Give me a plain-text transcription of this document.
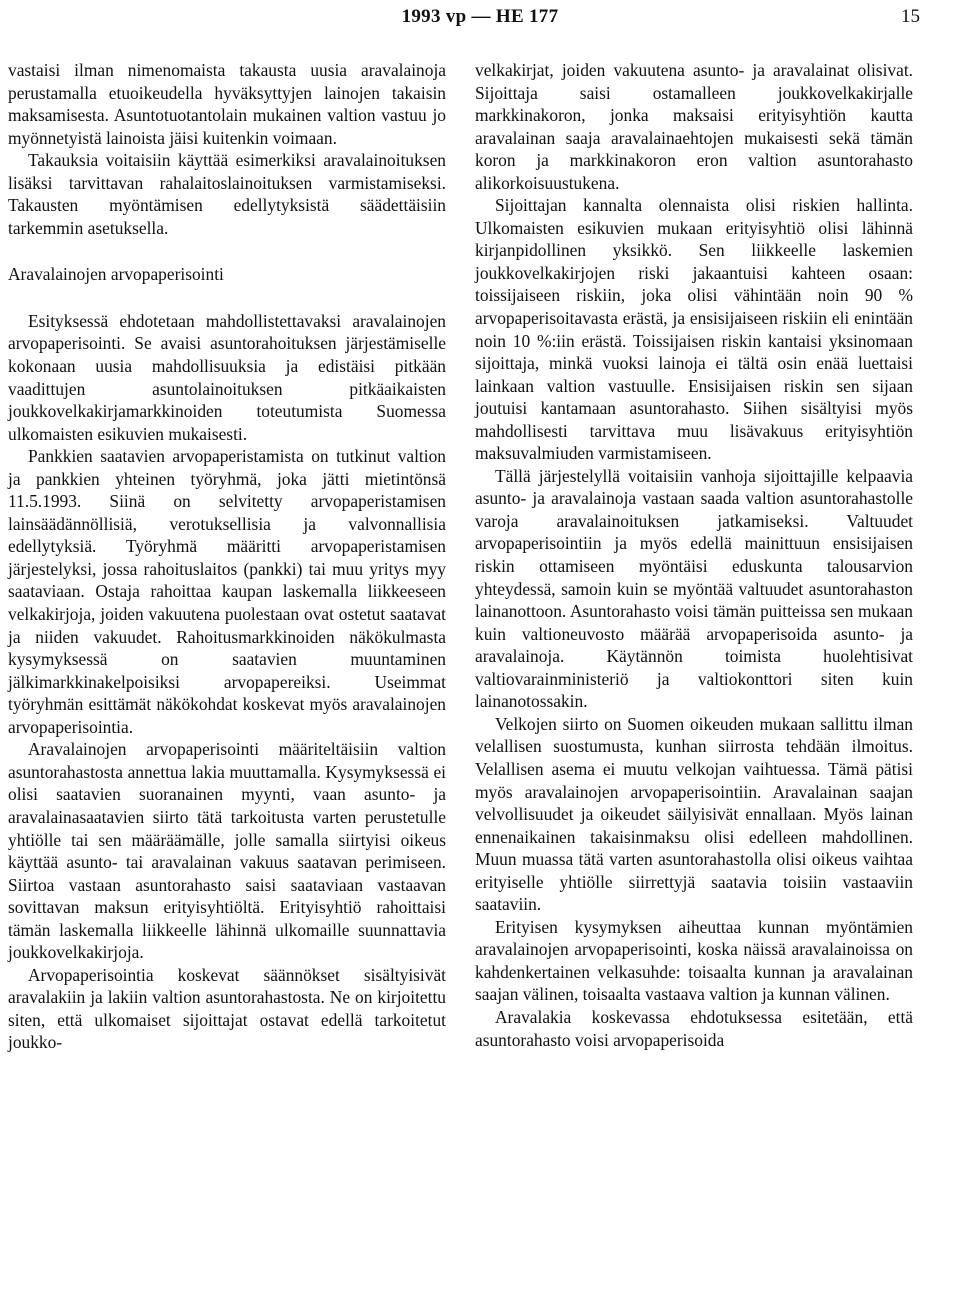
1993 vp — HE 177	15

vastaisi ilman nimenomaista takausta uusia aravalainoja perustamalla etuoikeudella hyväksyttyjen lainojen takaisin maksamisesta. Asuntotuotantolain mukainen valtion vastuu jo myönnetyistä lainoista jäisi kuitenkin voimaan.

Takauksia voitaisiin käyttää esimerkiksi aravalainoituksen lisäksi tarvittavan rahalaitoslainoituksen varmistamiseksi. Takausten myöntämisen edellytyksistä säädettäisiin tarkemmin asetuksella.

Aravalainojen arvopaperisointi

Esityksessä ehdotetaan mahdollistettavaksi aravalainojen arvopaperisointi. Se avaisi asuntorahoituksen järjestämiselle kokonaan uusia mahdollisuuksia ja edistäisi pitkään vaadittujen asuntolainoituksen pitkäaikaisten joukkovelkakirjamarkkinoiden toteutumista Suomessa ulkomaisten esikuvien mukaisesti.

Pankkien saatavien arvopaperistamista on tutkinut valtion ja pankkien yhteinen työryhmä, joka jätti mietintönsä 11.5.1993. Siinä on selvitetty arvopaperistamisen lainsäädännöllisiä, verotuksellisia ja valvonnallisia edellytyksiä. Työryhmä määritti arvopaperistamisen järjestelyksi, jossa rahoituslaitos (pankki) tai muu yritys myy saataviaan. Ostaja rahoittaa kaupan laskemalla liikkeeseen velkakirjoja, joiden vakuutena puolestaan ovat ostetut saatavat ja niiden vakuudet. Rahoitusmarkkinoiden näkökulmasta kysymyksessä on saatavien muuntaminen jälkimarkkinakelpoisiksi arvopapereiksi. Useimmat työryhmän esittämät näkökohdat koskevat myös aravalainojen arvopaperisointia.

Aravalainojen arvopaperisointi määriteltäisiin valtion asuntorahastosta annettua lakia muuttamalla. Kysymyksessä ei olisi saatavien suoranainen myynti, vaan asunto- ja aravalainasaatavien siirto tätä tarkoitusta varten perustetulle yhtiölle tai sen määräämälle, jolle samalla siirtyisi oikeus käyttää asunto- tai aravalainan vakuus saatavan perimiseen. Siirtoa vastaan asuntorahasto saisi saataviaan vastaavan sovittavan maksun erityisyhtiöltä. Erityisyhtiö rahoittaisi tämän laskemalla liikkeelle lähinnä ulkomaille suunnattavia joukkovelkakirjoja.

Arvopaperisointia koskevat säännökset sisältyisivät aravalakiin ja lakiin valtion asuntorahastosta. Ne on kirjoitettu siten, että ulkomaiset sijoittajat ostavat edellä tarkoitetut joukko-

velkakirjat, joiden vakuutena asunto- ja aravalainat olisivat. Sijoittaja saisi ostamalleen joukkovelkakirjalle markkinakoron, jonka maksaisi erityisyhtiön kautta aravalainan saaja aravalainaehtojen mukaisesti sekä tämän koron ja markkinakoron eron valtion asuntorahasto alikorkoisuustukena.

Sijoittajan kannalta olennaista olisi riskien hallinta. Ulkomaisten esikuvien mukaan erityisyhtiö olisi lähinnä kirjanpidollinen yksikkö. Sen liikkeelle laskemien joukkovelkakirjojen riski jakaantuisi kahteen osaan: toissijaiseen riskiin, joka olisi vähintään noin 90 % arvopaperisoitavasta erästä, ja ensisijaiseen riskiin eli enintään noin 10 %:iin erästä. Toissijaisen riskin kantaisi yksinomaan sijoittaja, minkä vuoksi lainoja ei tältä osin enää luettaisi lainkaan valtion vastuulle. Ensisijaisen riskin sen sijaan joutuisi kantamaan asuntorahasto. Siihen sisältyisi myös mahdollisesti tarvittava muu lisävakuus erityisyhtiön maksuvalmiuden varmistamiseen.

Tällä järjestelyllä voitaisiin vanhoja sijoittajille kelpaavia asunto- ja aravalainoja vastaan saada valtion asuntorahastolle varoja aravalainoituksen jatkamiseksi. Valtuudet arvopaperisointiin ja myös edellä mainittuun ensisijaisen riskin ottamiseen myöntäisi eduskunta talousarvion yhteydessä, samoin kuin se myöntää valtuudet asuntorahaston lainanottoon. Asuntorahasto voisi tämän puitteissa sen mukaan kuin valtioneuvosto määrää arvopaperisoida asunto- ja aravalainoja. Käytännön toimista huolehtisivat valtiovarainministeriö ja valtiokonttori siten kuin lainanotossakin.

Velkojen siirto on Suomen oikeuden mukaan sallittu ilman velallisen suostumusta, kunhan siirrosta tehdään ilmoitus. Velallisen asema ei muutu velkojan vaihtuessa. Tämä pätisi myös aravalainojen arvopaperisointiin. Aravalainan saajan velvollisuudet ja oikeudet säilyisivät ennallaan. Myös lainan ennenaikainen takaisinmaksu olisi edelleen mahdollinen. Muun muassa tätä varten asuntorahastolla olisi oikeus vaihtaa erityiselle yhtiölle siirrettyjä saatavia toisiin vastaaviin saataviin.

Erityisen kysymyksen aiheuttaa kunnan myöntämien aravalainojen arvopaperisointi, koska näissä aravalainoissa on kahdenkertainen velkasuhde: toisaalta kunnan ja aravalainan saajan välinen, toisaalta vastaava valtion ja kunnan välinen.

Aravalakia koskevassa ehdotuksessa esitetään, että asuntorahasto voisi arvopaperisoida
